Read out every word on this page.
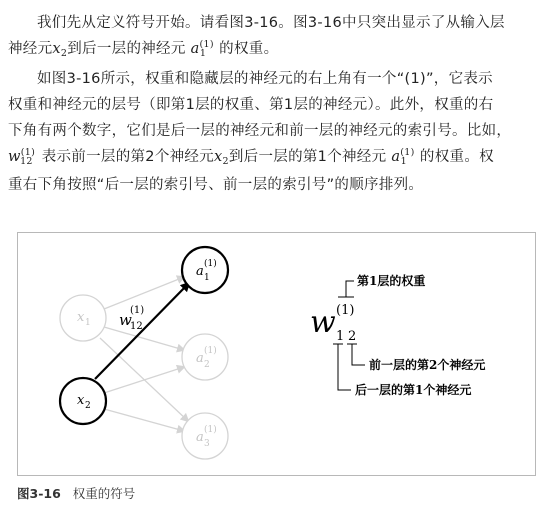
我们先从定义符号开始。请看图3-16。图3-16中只突出显示了从输入层
神经元$x_2$到后一层的神经元 $a^{(1)}_1$ 的权重。
如图3-16所示，权重和隐藏层的神经元的右上角有一个“(1)”，它表示
权重和神经元的层号（即第1层的权重、第1层的神经元）。此外，权重的右
下角有两个数字，它们是后一层的神经元和前一层的神经元的索引号。比如，
$w^{(1)}_{12}$ 表示前一层的第2个神经元$x_2$到后一层的第1个神经元 $a^{(1)}_1$ 的权重。权
重右下角按照“后一层的索引号、前一层的索引号”的顺序排列。
w
(1)
12
x 1
x 2
a (1)
1
a (1)
2
a (1)
3
w (1)
1 2
第1层的权重
前一层的第2个神经元
后一层的第1个神经元
图3-16 权重的符号
